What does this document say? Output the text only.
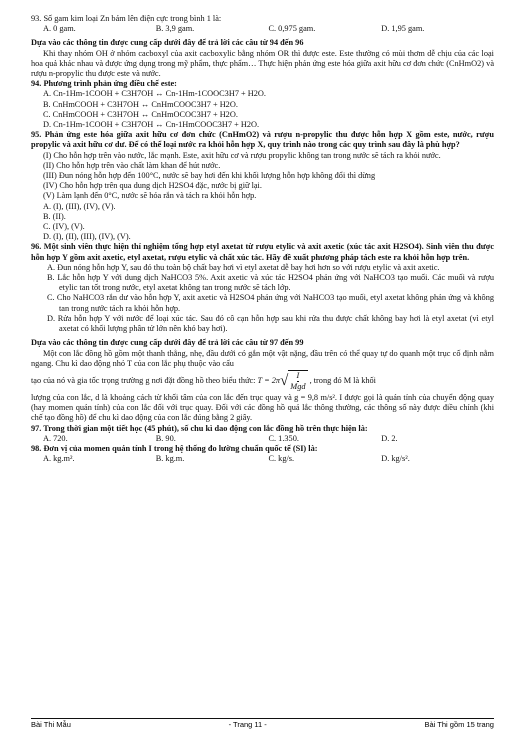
93. Số gam kim loại Zn bám lên điện cực trong bình 1 là:

A. 0 gam.	B. 3,9 gam.	C. 0,975 gam.	D. 1,95 gam.

Dựa vào các thông tin được cung cấp dưới đây để trả lời các câu từ 94 đến 96

Khi thay nhóm OH ở nhóm cacboxyl của axit cacboxylic bằng nhóm OR thì được este. Este thường có mùi thơm dễ chịu của các loại hoa quả khác nhau và được ứng dụng trong mỹ phẩm, thực phẩm… Thực hiện phản ứng este hóa giữa axit hữu cơ đơn chức (CnHmO2) và rượu n-propylic thu được este và nước.

94. Phương trình phản ứng điều chế este:

A. Cn-1Hm-1COOH + C3H7OH ↔ Cn-1Hm-1COOC3H7 + H2O.

B. CnHmCOOH + C3H7OH ↔ CnHmCOOC3H7 + H2O.

C. CnHmCOOH + C3H7OH ↔ CnHmOCOC3H7 + H2O.

D. Cn-1Hm-1COOH + C3H7OH ↔ Cn-1HmCOOC3H7 + H2O.

95. Phản ứng este hóa giữa axit hữu cơ đơn chức (CnHmO2) và rượu n-propylic thu được hỗn hợp X gồm este, nước, rượu propylic và axit hữu cơ dư. Để có thể loại nước ra khỏi hỗn hợp X, quy trình nào trong các quy trình sau đây là phù hợp?

(I) Cho hỗn hợp trên vào nước, lắc mạnh. Este, axit hữu cơ và rượu propylic không tan trong nước sẽ tách ra khỏi nước.

(II) Cho hỗn hợp trên vào chất làm khan để hút nước.

(III) Đun nóng hỗn hợp đến 100°C, nước sẽ bay hơi đến khi khối lượng hỗn hợp không đổi thì dừng

(IV) Cho hỗn hợp trên qua dung dịch H2SO4 đặc, nước bị giữ lại.

(V) Làm lạnh đến 0°C, nước sẽ hóa rắn và tách ra khỏi hỗn hợp.

A. (I), (III), (IV), (V).

B. (II).

C. (IV), (V).

D. (I), (II), (III), (IV), (V).

96. Một sinh viên thực hiện thí nghiệm tổng hợp etyl axetat từ rượu etylic và axit axetic (xúc tác axit H2SO4). Sinh viên thu được hỗn hợp Y gồm axit axetic, etyl axetat, rượu etylic và chất xúc tác. Hãy đề xuất phương pháp tách este ra khỏi hỗn hợp trên.

A. Đun nóng hỗn hợp Y, sau đó thu toàn bộ chất bay hơi vì etyl axetat dễ bay hơi hơn so với rượu etylic và axit axetic.

B. Lắc hỗn hợp Y với dung dịch NaHCO3 5%. Axit axetic và xúc tác H2SO4 phản ứng với NaHCO3 tạo muối. Các muối và rượu etylic tan tốt trong nước, etyl axetat không tan trong nước sẽ tách lớp.

C. Cho NaHCO3 rắn dư vào hỗn hợp Y, axit axetic và H2SO4 phản ứng với NaHCO3 tạo muối, etyl axetat không phản ứng và không tan trong nước tách ra khỏi hỗn hợp.

D. Rửa hỗn hợp Y với nước để loại xúc tác. Sau đó cô cạn hỗn hợp sau khi rửa thu được chất không bay hơi là etyl axetat (vì etyl axetat có khối lượng phân tử lớn nên khó bay hơi).

Dựa vào các thông tin được cung cấp dưới đây để trả lời các câu từ 97 đến 99

Một con lắc đồng hồ gồm một thanh thẳng, nhẹ, đầu dưới có gắn một vật nặng, đầu trên có thể quay tự do quanh một trục cố định nằm ngang. Chu kì dao động nhỏ T của con lắc phụ thuộc vào cấu

tạo của nó và gia tốc trọng trường g nơi đặt đồng hồ theo biểu thức: T = 2π √ $\frac{I}{\text{Mgd}}$ , trong đó M là khối

lượng của con lắc, d là khoảng cách từ khối tâm của con lắc đến trục quay và g = 9,8 m/s². I được gọi là quán tính của chuyển động quay (hay momen quán tính) của con lắc đối với trục quay. Đối với các đồng hồ quả lắc thông thường, các thông số này được điều chỉnh (khi chế tạo đồng hồ) để chu kì dao động của con lắc đúng bằng 2 giây.

97. Trong thời gian một tiết học (45 phút), số chu kì dao động con lắc đồng hồ trên thực hiện là:

A. 720.	B. 90.	C. 1.350.	D. 2.

98. Đơn vị của momen quán tính I trong hệ thống đo lường chuẩn quốc tế (SI) là:

A. kg.m².	B. kg.m.	C. kg/s.	D. kg/s².
Bài Thi Mẫu	- Trang 11 -	Bài Thi gồm 15 trang
